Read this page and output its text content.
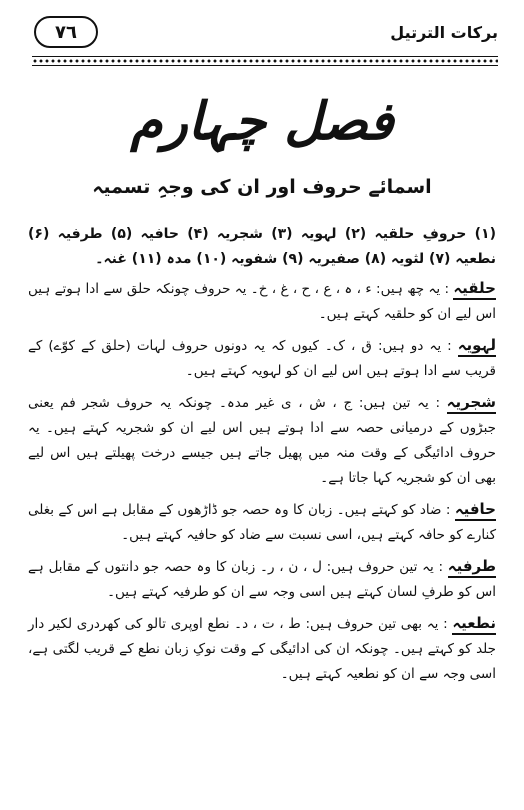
٧٦	برکات الترتیل
فصل چہارم
اسمائے حروف اور ان کی وجہِ تسمیہ

(۱) حروفِ حلقیہ (۲) لہویہ (۳) شجریہ (۴) حافیہ (۵) طرفیہ (۶) نطعیہ (۷) لثویہ (۸) صفیریہ (۹) شفویہ (۱۰) مدہ (۱۱) غنہ۔

حلقیہ : یہ چھ ہیں: ء ، ہ ، ع ، ح ، غ ، خ۔ یہ حروف چونکہ حلق سے ادا ہوتے ہیں اس لیے ان کو حلقیہ کہتے ہیں۔

لہویہ : یہ دو ہیں: ق ، ک۔ کیوں کہ یہ دونوں حروف لہات (حلق کے کوّے) کے قریب سے ادا ہوتے ہیں اس لیے ان کو لہویہ کہتے ہیں۔

شجریہ : یہ تین ہیں: ج ، ش ، ی غیر مدہ۔ چونکہ یہ حروف شجر فم یعنی جبڑوں کے درمیانی حصہ سے ادا ہوتے ہیں اس لیے ان کو شجریہ کہتے ہیں۔ یہ حروف ادائیگی کے وقت منہ میں پھیل جاتے ہیں جیسے درخت پھیلتے ہیں اس لیے بھی ان کو شجریہ کہا جاتا ہے۔

حافیہ : ضاد کو کہتے ہیں۔ زبان کا وہ حصہ جو ڈاڑھوں کے مقابل ہے اس کے بغلی کنارے کو حافہ کہتے ہیں، اسی نسبت سے ضاد کو حافیہ کہتے ہیں۔

طرفیہ : یہ تین حروف ہیں: ل ، ن ، ر۔ زبان کا وہ حصہ جو دانتوں کے مقابل ہے اس کو طرفِ لسان کہتے ہیں اسی وجہ سے ان کو طرفیہ کہتے ہیں۔

نطعیہ : یہ بھی تین حروف ہیں: ط ، ت ، د۔ نطع اوپری تالو کی کھردری لکیر دار جلد کو کہتے ہیں۔ چونکہ ان کی ادائیگی کے وقت نوکِ زبان نطع کے قریب لگتی ہے، اسی وجہ سے ان کو نطعیہ کہتے ہیں۔
